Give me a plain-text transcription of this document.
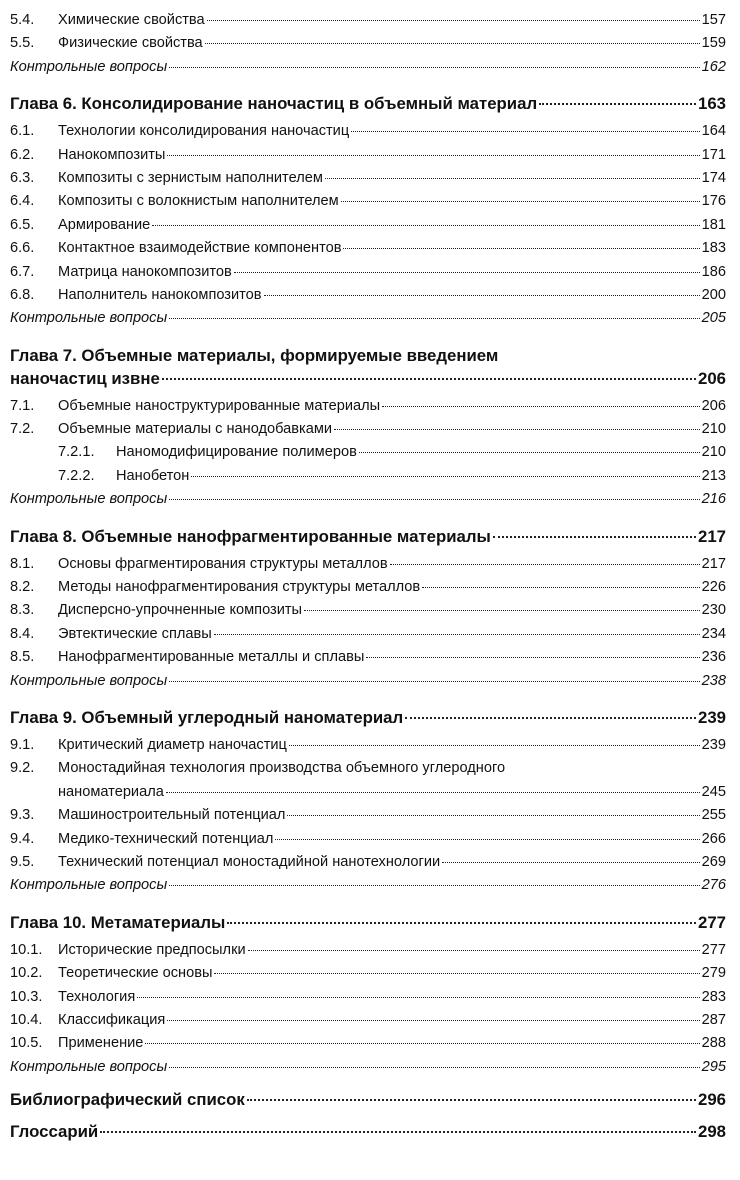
5.4.	Химические свойства	157
5.5.	Физические свойства	159
Контрольные вопросы	162
Глава 6. Консолидирование наночастиц в объемный материал	163
6.1.	Технологии консолидирования наночастиц	164
6.2.	Нанокомпозиты	171
6.3.	Композиты с зернистым наполнителем	174
6.4.	Композиты с волокнистым наполнителем	176
6.5.	Армирование	181
6.6.	Контактное взаимодействие компонентов	183
6.7.	Матрица нанокомпозитов	186
6.8.	Наполнитель нанокомпозитов	200
Контрольные вопросы	205
Глава 7. Объемные материалы, формируемые введением
наночастиц извне	206
7.1.	Объемные наноструктурированные материалы	206
7.2.	Объемные материалы с нанодобавками	210
7.2.1.	Наномодифицирование полимеров	210
7.2.2.	Нанобетон	213
Контрольные вопросы	216
Глава 8. Объемные нанофрагментированные материалы	217
8.1.	Основы фрагментирования структуры металлов	217
8.2.	Методы нанофрагментирования структуры металлов	226
8.3.	Дисперсно-упрочненные композиты	230
8.4.	Эвтектические сплавы	234
8.5.	Нанофрагментированные металлы и сплавы	236
Контрольные вопросы	238
Глава 9. Объемный углеродный наноматериал	239
9.1.	Критический диаметр наночастиц	239
9.2.	Моностадийная технология производства объемного углеродного
наноматериала	245
9.3.	Машиностроительный потенциал	255
9.4.	Медико-технический потенциал	266
9.5.	Технический потенциал моностадийной нанотехнологии	269
Контрольные вопросы	276
Глава 10. Метаматериалы	277
10.1.	Исторические предпосылки	277
10.2.	Теоретические основы	279
10.3.	Технология	283
10.4.	Классификация	287
10.5.	Применение	288
Контрольные вопросы	295
Библиографический список	296
Глоссарий	298
